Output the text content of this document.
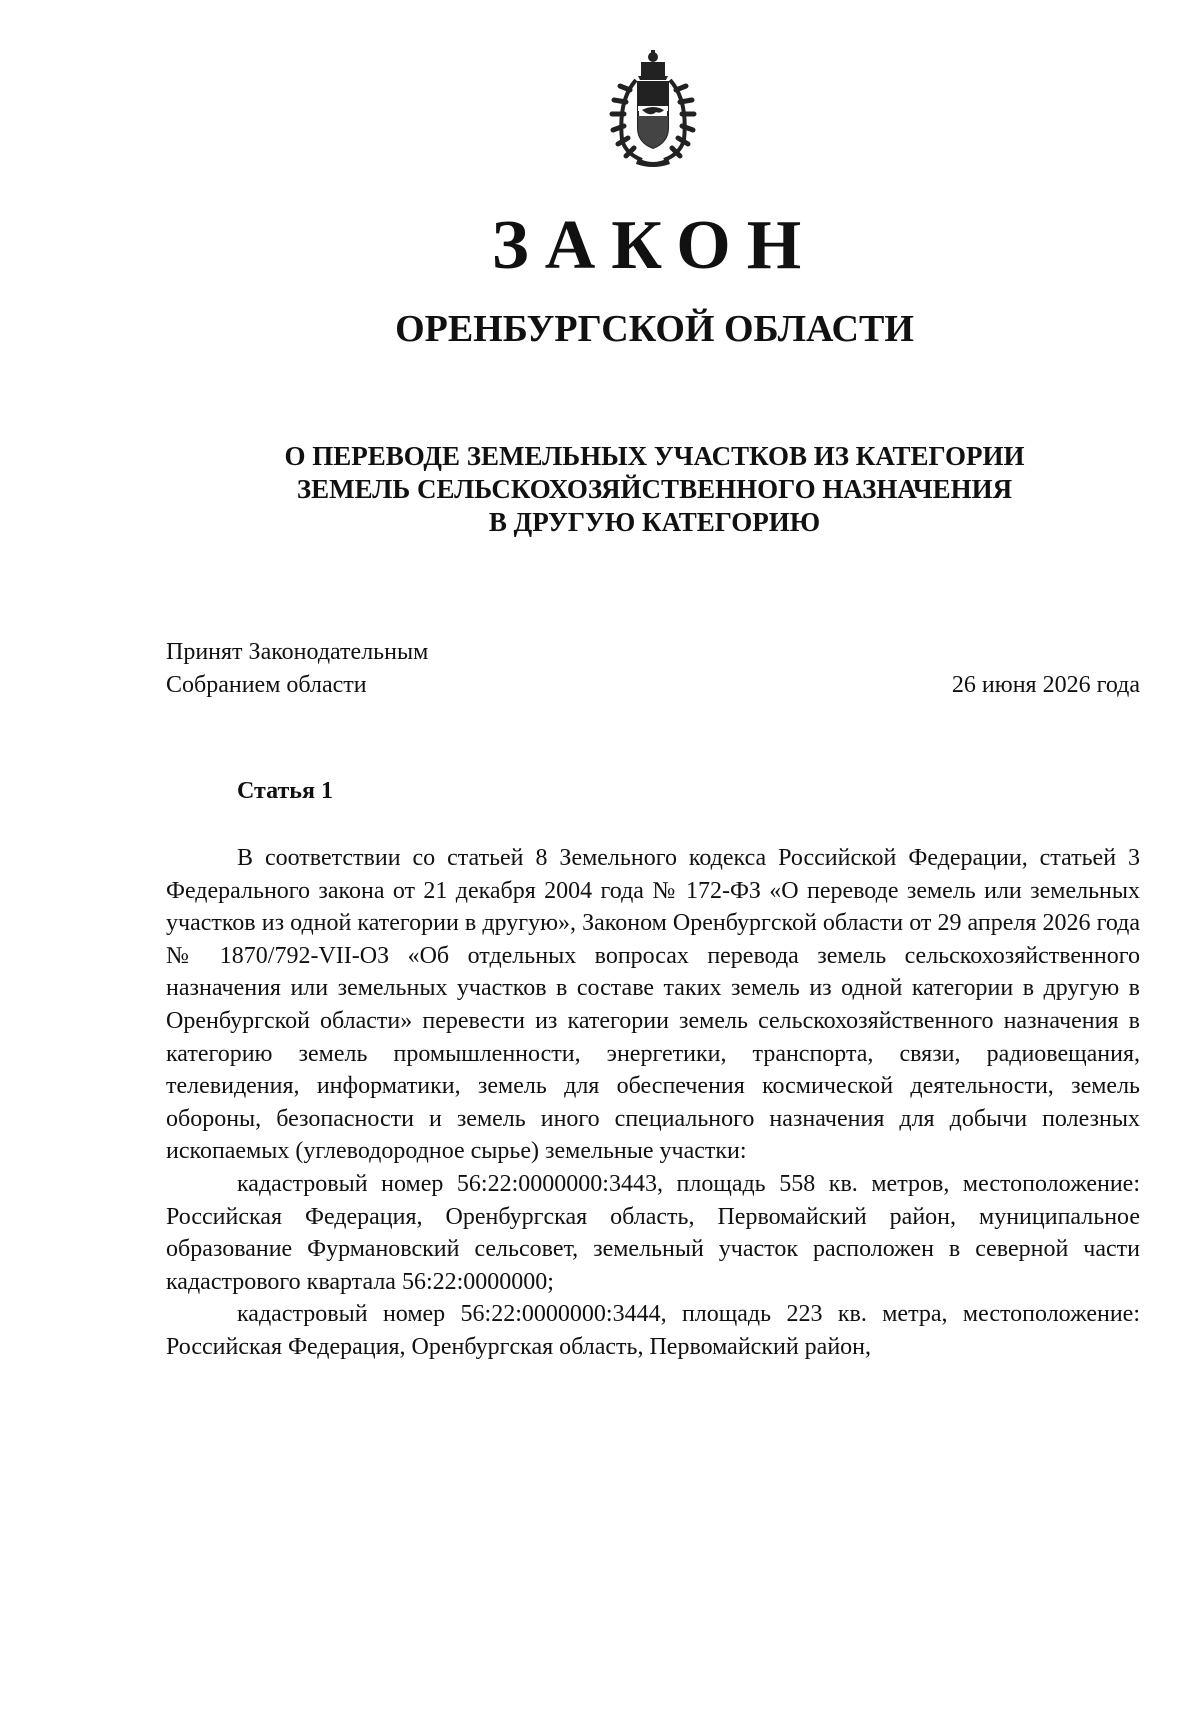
ЗАКОН
ОРЕНБУРГСКОЙ ОБЛАСТИ
О ПЕРЕВОДЕ ЗЕМЕЛЬНЫХ УЧАСТКОВ ИЗ КАТЕГОРИИ
ЗЕМЕЛЬ СЕЛЬСКОХОЗЯЙСТВЕННОГО НАЗНАЧЕНИЯ
В ДРУГУЮ КАТЕГОРИЮ
Принят Законодательным
Собранием области	26 июня 2026 года
Статья 1

В соответствии со статьей 8 Земельного кодекса Российской Федерации, статьей 3 Федерального закона от 21 декабря 2004 года № 172-ФЗ «О переводе земель или земельных участков из одной категории в другую», Законом Оренбургской области от 29 апреля 2026 года № 1870/792-VII-ОЗ «Об отдельных вопросах перевода земель сельскохозяйственного назначения или земельных участков в составе таких земель из одной категории в другую в Оренбургской области» перевести из категории земель сельскохозяйственного назначения в категорию земель промышленности, энергетики, транспорта, связи, радиовещания, телевидения, информатики, земель для обеспечения космической деятельности, земель обороны, безопасности и земель иного специального назначения для добычи полезных ископаемых (углеводородное сырье) земельные участки:

кадастровый номер 56:22:0000000:3443, площадь 558 кв. метров, местоположение: Российская Федерация, Оренбургская область, Первомайский район, муниципальное образование Фурмановский сельсовет, земельный участок расположен в северной части кадастрового квартала 56:22:0000000;

кадастровый номер 56:22:0000000:3444, площадь 223 кв. метра, местоположение: Российская Федерация, Оренбургская область, Первомайский район,
